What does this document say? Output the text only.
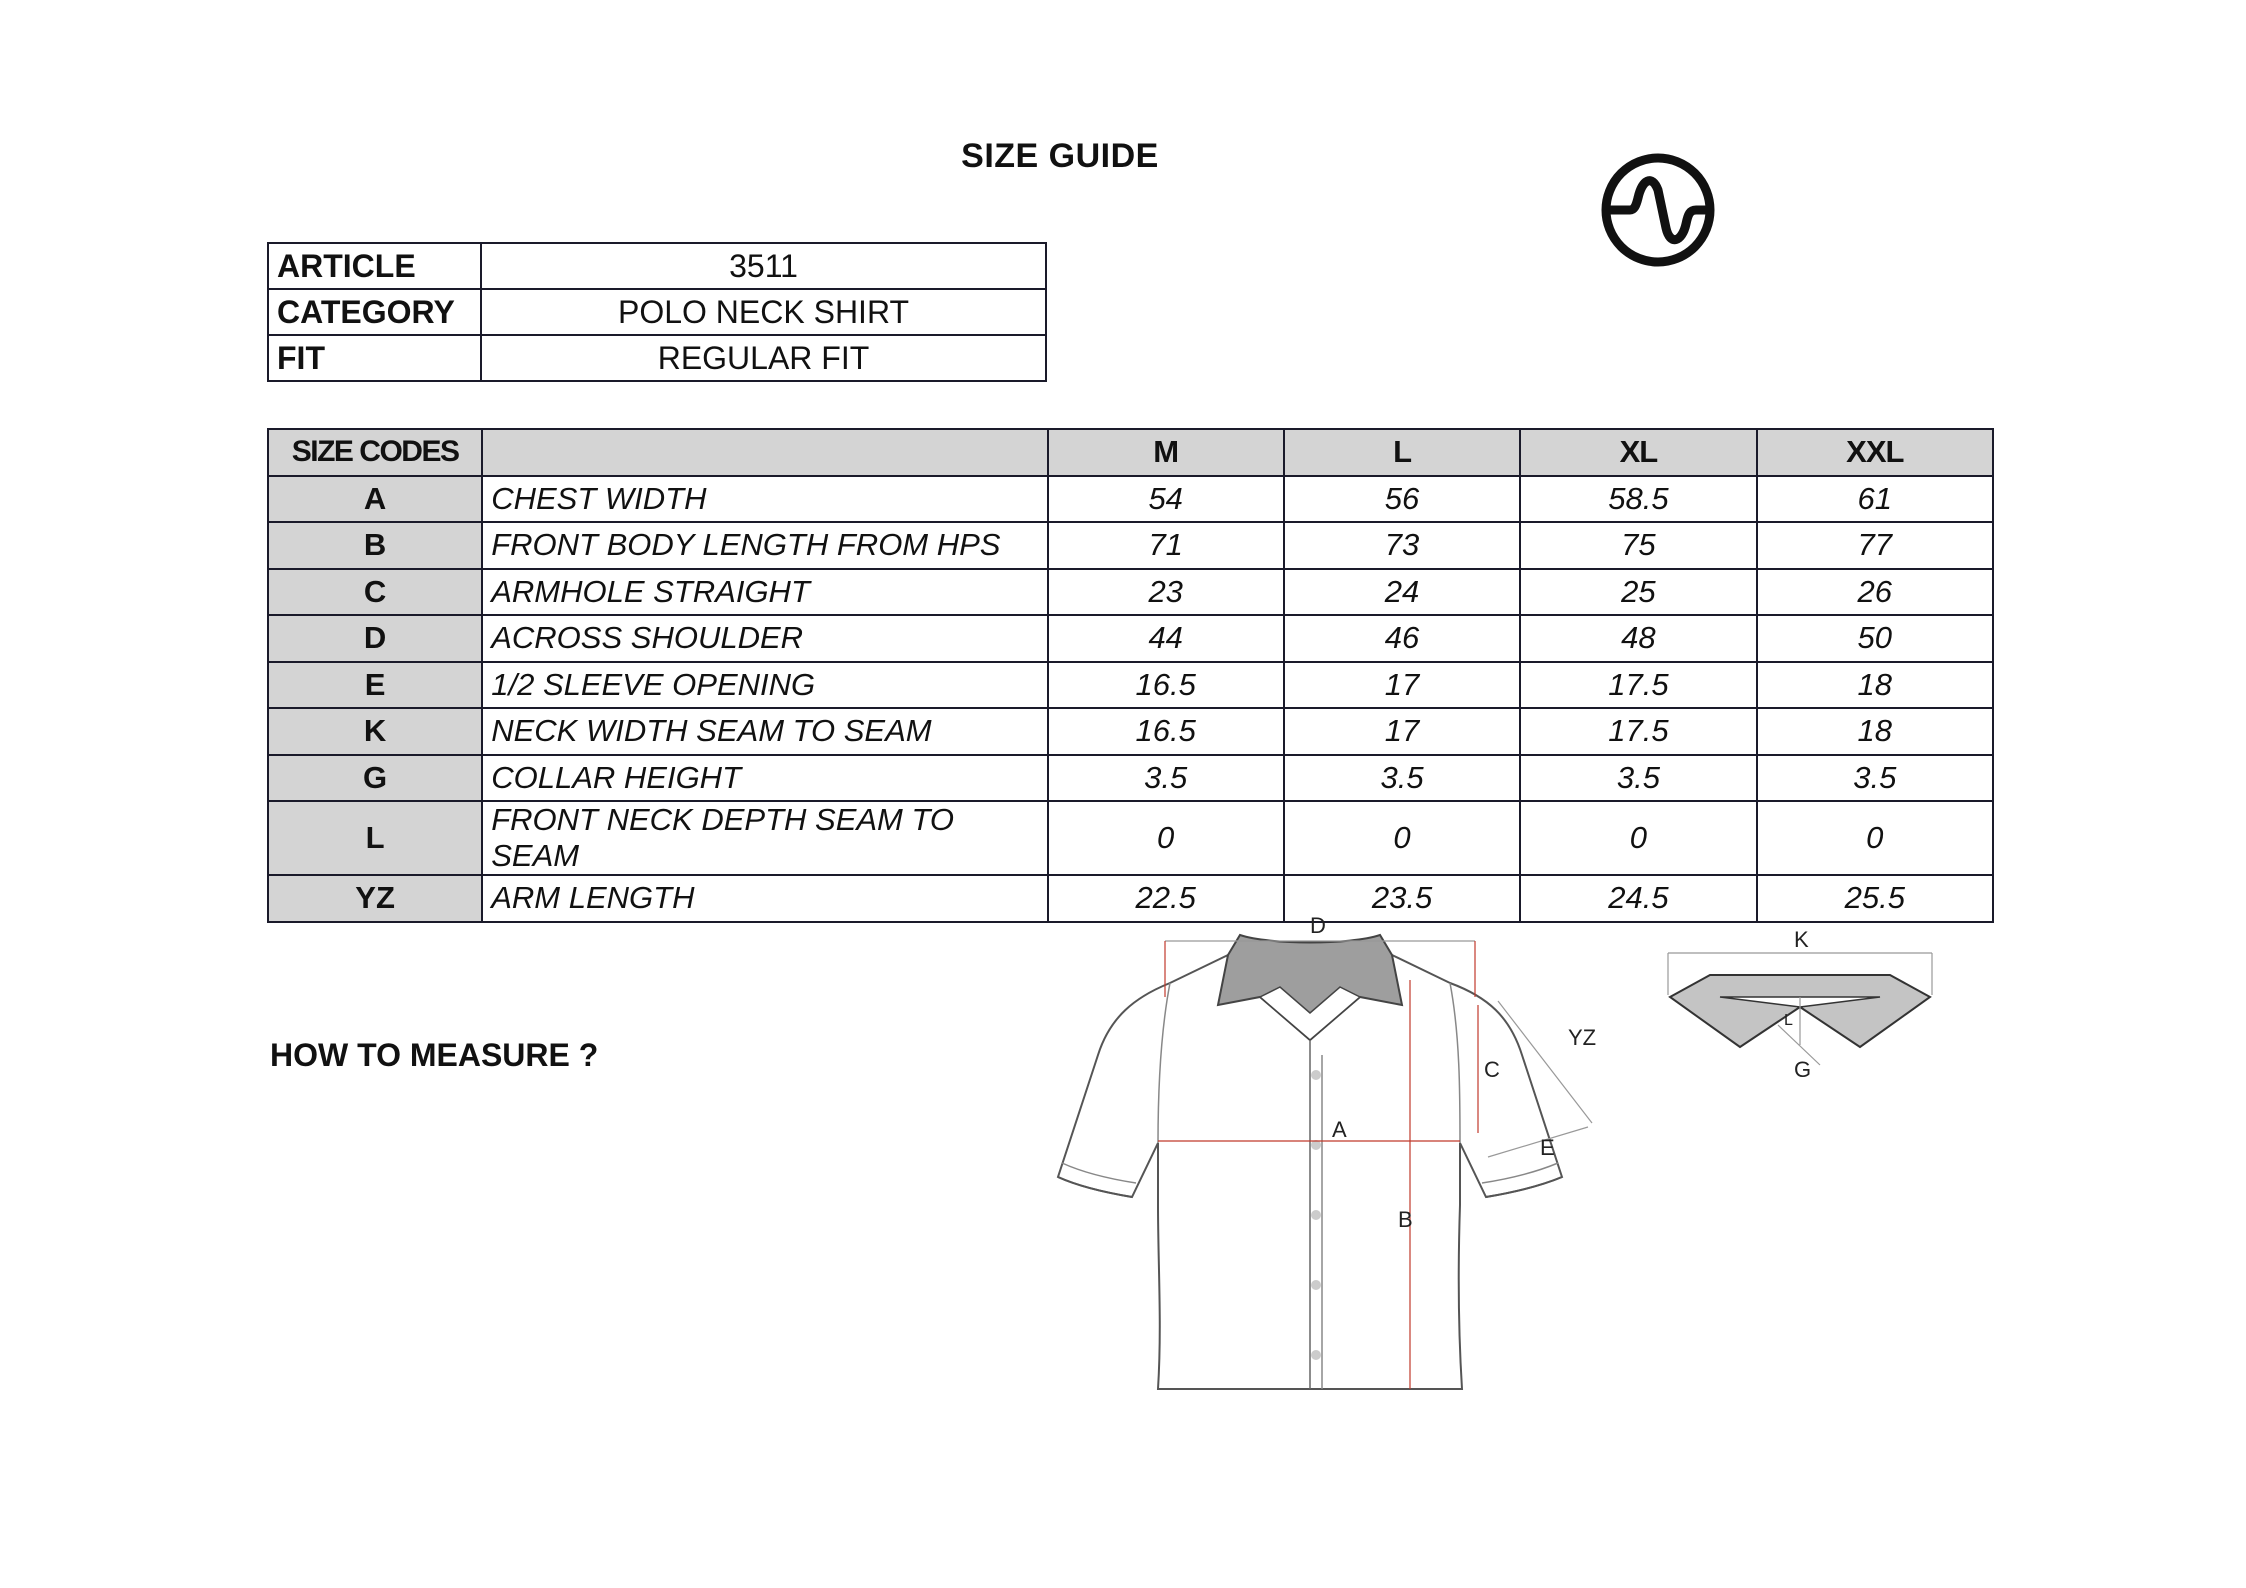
SIZE GUIDE
ARTICLE	3511
CATEGORY	POLO NECK SHIRT
FIT	REGULAR FIT
SIZE CODES		M	L	XL	XXL
A	CHEST WIDTH	54	56	58.5	61
B	FRONT BODY LENGTH FROM HPS	71	73	75	77
C	ARMHOLE STRAIGHT	23	24	25	26
D	ACROSS SHOULDER	44	46	48	50
E	1/2 SLEEVE OPENING	16.5	17	17.5	18
K	NECK WIDTH SEAM TO SEAM	16.5	17	17.5	18
G	COLLAR HEIGHT	3.5	3.5	3.5	3.5
L	FRONT NECK DEPTH SEAM TO SEAM	0	0	0	0
YZ	ARM LENGTH	22.5	23.5	24.5	25.5
HOW TO MEASURE ?
D
A
B
C
E
YZ
K
L
G
